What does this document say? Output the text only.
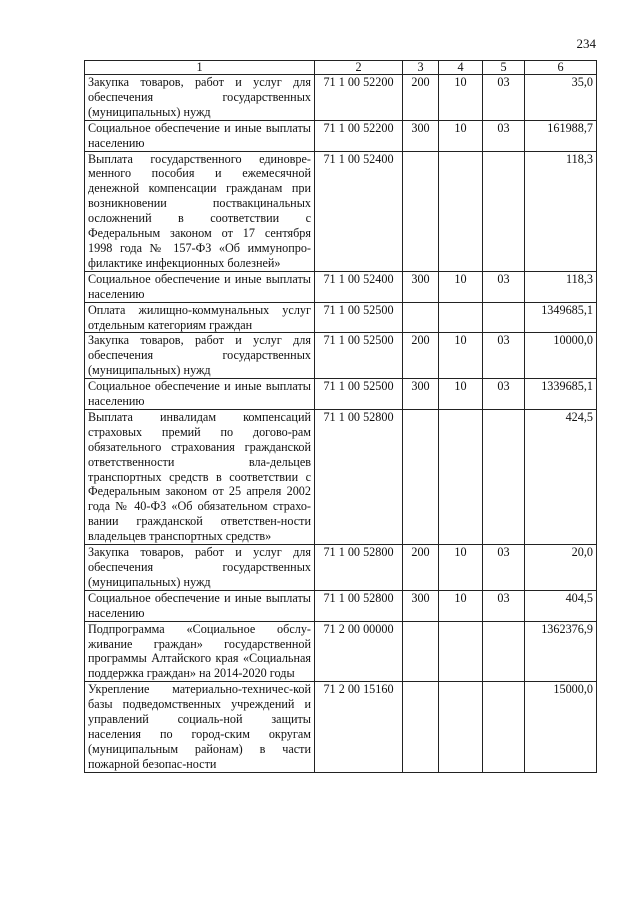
234
1	2	3	4	5	6
Закупка товаров, работ и услуг для обеспечения государственных (муниципальных) нужд	71 1 00 52200	200	10	03	35,0
Социальное обеспечение и иные выплаты населению	71 1 00 52200	300	10	03	161988,7
Выплата государственного единовре-менного пособия и ежемесячной денежной компенсации гражданам при возникновении поствакцинальных осложнений в соответствии с Федеральным законом от 17 сентября 1998 года № 157-ФЗ «Об иммунопро-филактике инфекционных болезней»	71 1 00 52400				118,3
Социальное обеспечение и иные выплаты населению	71 1 00 52400	300	10	03	118,3
Оплата жилищно-коммунальных услуг отдельным категориям граждан	71 1 00 52500				1349685,1
Закупка товаров, работ и услуг для обеспечения государственных (муниципальных) нужд	71 1 00 52500	200	10	03	10000,0
Социальное обеспечение и иные выплаты населению	71 1 00 52500	300	10	03	1339685,1
Выплата инвалидам компенсаций страховых премий по догово-рам обязательного страхования гражданской ответственности вла-дельцев транспортных средств в соответствии с Федеральным законом от 25 апреля 2002 года № 40-ФЗ «Об обязательном страхо-вании гражданской ответствен-ности владельцев транспортных средств»	71 1 00 52800				424,5
Закупка товаров, работ и услуг для обеспечения государственных (муниципальных) нужд	71 1 00 52800	200	10	03	20,0
Социальное обеспечение и иные выплаты населению	71 1 00 52800	300	10	03	404,5
Подпрограмма «Социальное обслу-живание граждан» государственной программы Алтайского края «Социальная поддержка граждан» на 2014-2020 годы	71 2 00 00000				1362376,9
Укрепление материально-техничес-кой базы подведомственных учреждений и управлений социаль-ной защиты населения по город-ским округам (муниципальным районам) в части пожарной безопас-ности	71 2 00 15160				15000,0
